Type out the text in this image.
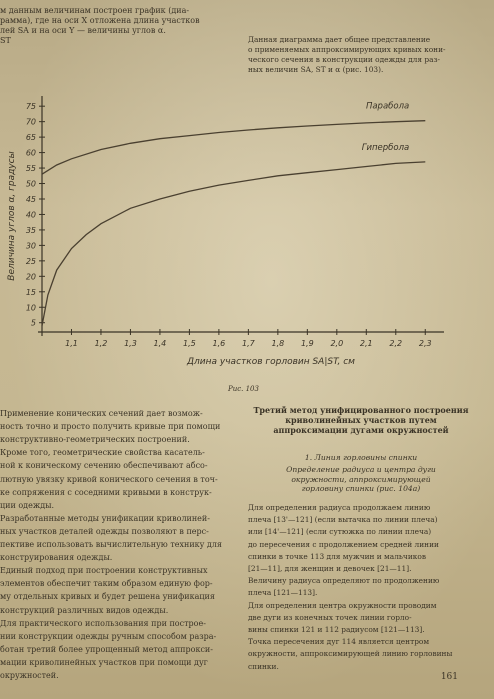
м данным величинам построен график (диа-
рамма), где на оси X отложена длина участков
лей SA и на оси Y — величины углов α.
ST	Данная диаграмма дает общее представление
о применяемых аппроксимирующих кривых кони-
ческого сечения в конструкции одежды для раз-
ных величин SA, ST и α (рис. 103).
5
10
15
20
25
30
35
40
45
50
55
60
65
70
75
1,1 1,2 1,3 1,4 1,5 1,6 1,7 1,8 1,9 2,0 2,1 2,2 2,3
Парабола
Гипербола
Длина участков горловин SA|ST, см
Величина углов α, градусы
Рис. 103
Применение конических сечений дает возмож-
ность точно и просто получить кривые при помощи
конструктивно-геометрических построений.
Кроме того, геометрические свойства касатель-
ной к коническому сечению обеспечивают абсо-
лютную увязку кривой конического сечения в точ-
ке сопряжения с соседними кривыми в конструк-
ции одежды.
Разработанные методы унификации криволиней-
ных участков деталей одежды позволяют в перс-
пективе использовать вычислительную технику для
конструирования одежды.
Единый подход при построении конструктивных
элементов обеспечит таким образом единую фор-
му отдельных кривых и будет решена унификация
конструкций различных видов одежды.
Для практического использования при построе-
нии конструкции одежды ручным способом разра-
ботан третий более упрощенный метод аппрокси-
мации криволинейных участков при помощи дуг
окружностей.
Третий метод унифицированного построения
криволинейных участков путем
аппроксимации дугами окружностей
1. Линия горловины спинки
Определение радиуса и центра дуги
окружности, аппроксимирующей
горловину спинки (рис. 104а)
Для определения радиуса продолжаем линию
плеча [13'—121] (если вытачка по линии плеча)
или [14'—121] (если сутюжка по линии плеча)
до пересечения с продолжением средней линии
спинки в точке 113 для мужчин и мальчиков
[21—11], для женщин и девочек [21—11].
Величину радиуса определяют по продолжению
плеча [121—113].
Для определения центра окружности проводим
две дуги из конечных точек линии горло-
вины спинки 121 и 112 радиусом [121—113].
Точка пересечения дуг 114 является центром
окружности, аппроксимирующей линию горловины
спинки.
161
